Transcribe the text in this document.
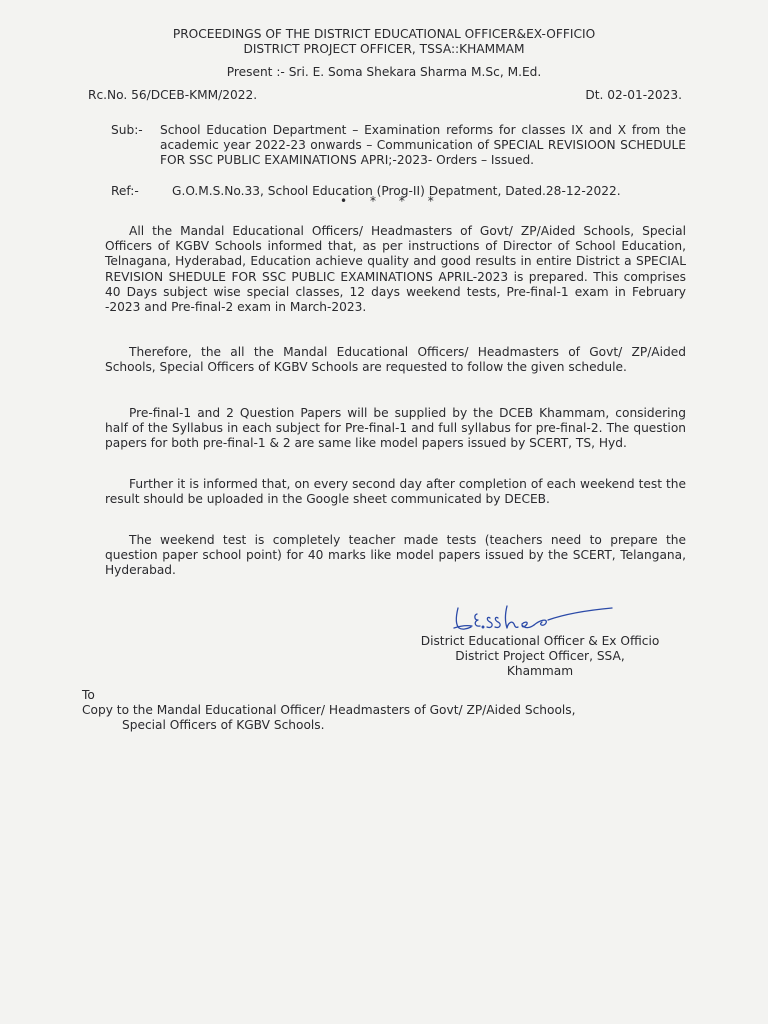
PROCEEDINGS OF THE DISTRICT EDUCATIONAL OFFICER&EX-OFFICIO
DISTRICT PROJECT OFFICER, TSSA::KHAMMAM
Present :- Sri. E. Soma Shekara Sharma M.Sc, M.Ed.
Rc.No. 56/DCEB-KMM/2022.	Dt. 02-01-2023.
Sub:- School Education Department – Examination reforms for classes IX and X from the academic year 2022-23 onwards – Communication of SPECIAL REVISIOON SCHEDULE FOR SSC PUBLIC EXAMINATIONS APRI;-2023- Orders – Issued.
Ref:-	G.O.M.S.No.33, School Education (Prog-II) Depatment, Dated.28-12-2022.
•      *      *      *
All the Mandal Educational Officers/ Headmasters of Govt/ ZP/Aided Schools, Special Officers of KGBV Schools informed that, as per instructions of Director of School Education, Telnagana, Hyderabad, Education achieve quality and good results in entire District a SPECIAL REVISION SHEDULE FOR SSC PUBLIC EXAMINATIONS APRIL-2023 is prepared. This comprises 40 Days subject wise special classes, 12 days weekend tests, Pre-final-1 exam in February -2023 and Pre-final-2 exam in March-2023.
Therefore, the all the Mandal Educational Officers/ Headmasters of Govt/ ZP/Aided Schools, Special Officers of KGBV Schools are requested to follow the given schedule.
Pre-final-1 and 2 Question Papers will be supplied by the DCEB Khammam, considering half of the Syllabus in each subject for Pre-final-1 and full syllabus for pre-final-2. The question papers for both pre-final-1 & 2 are same like model papers issued by SCERT, TS, Hyd.
Further it is informed that, on every second day after completion of each weekend test the result should be uploaded in the Google sheet communicated by DECEB.
The weekend test is completely teacher made tests (teachers need to prepare the question paper school point) for 40 marks like model papers issued by the SCERT, Telangana, Hyderabad.
District Educational Officer & Ex Officio
District Project Officer, SSA,
Khammam
To
Copy to the Mandal Educational Officer/ Headmasters of Govt/ ZP/Aided Schools,
Special Officers of KGBV Schools.
